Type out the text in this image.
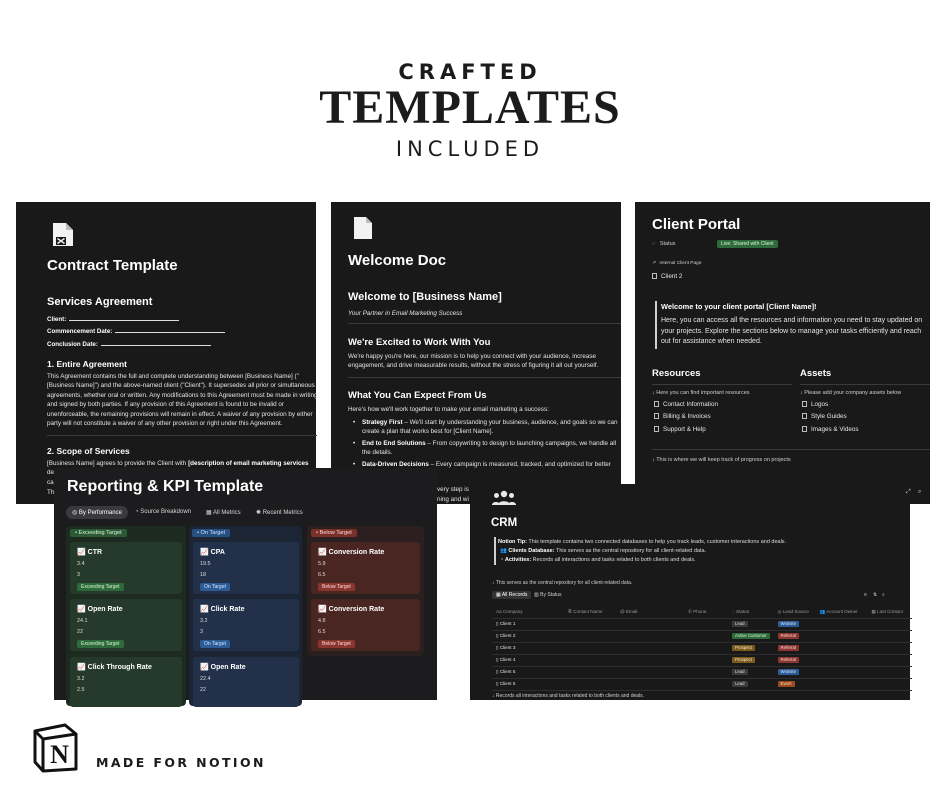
CRAFTED
TEMPLATES
INCLUDED
Contract Template
Services Agreement
Client:
Commencement Date:
Conclusion Date:
1. Entire Agreement
This Agreement contains the full and complete understanding between [Business Name] ("[Business Name]") and the above-named client ("Client"). It supersedes all prior or simultaneous agreements, whether oral or written. Any modifications to this Agreement must be made in writing and signed by both parties. If any provision of this Agreement is found to be invalid or unenforceable, the remaining provisions will remain in effect. A waiver of any provision by either party will not constitute a waiver of any other provision or right under this Agreement.
2. Scope of Services
[Business Name] agrees to provide the Client with [description of email marketing services
de
ca
Th
Welcome Doc
Welcome to [Business Name]
Your Partner in Email Marketing Success
We're Excited to Work With You
We're happy you're here, our mission is to help you connect with your audience, increase engagement, and drive measurable results, without the stress of figuring it all out yourself.
What You Can Expect From Us
Here's how we'll work together to make your email marketing a success:
• Strategy First – We'll start by understanding your business, audience, and goals so we can create a plan that works best for [Client Name].
• End to End Solutions – From copywriting to design to launching campaigns, we handle all the details.
• Data-Driven Decisions – Every campaign is measured, tracked, and optimized for better
very step is
ning and wi
Client Portal
◌ Status	Live: Shared with Client
↗ Internal Client Page
Client 2
Welcome to your client portal [Client Name]!
Here, you can access all the resources and information you need to stay updated on your projects. Explore the sections below to manage your tasks efficiently and reach out for assistance when needed.
Resources
↓ Here you can find important resources
Contact Information
Billing & Invoices
Support & Help
Assets
↓ Please add your company assets below
Logos
Style Guides
Images & Videos
↓ This is where we will keep track of progress on projects
Reporting & KPI Template
◎ By Performance	◔ Source Breakdown	▦ All Metrics	✺ Recent Metrics
• Exceeding Target	• On Target	• Below Target
📈 CTR
3.4
3
Exceeding Target
📈 Open Rate
24.1
22
Exceeding Target
📈 Click Through Rate
3.2
2.5
📈 CPA
19.5
18
On Target
📈 Click Rate
3.2
3
On Target
📈 Open Rate
22.4
22
📈 Conversion Rate
5.9
6.5
Below Target
📈 Conversion Rate
4.8
6.5
Below Target
⤢ ⌕
CRM
Notion Tip: This template contains two connected databases to help you track leads, customer interactions and deals.
👥 Clients Database: This serves as the central repository for all client-related data.
◔ Activities: Records all interactions and tasks related to both clients and deals.
↓ This serves as the central repository for all client-related data.
▦ All Records	▥ By Status	≡ ⇅ ⌕
Aa Company	≣ Contact Name	@ Email	✆ Phone	◌ Status	◎ Lead Source	👥 Account Owner	▦ Last Contact
▯ Client 1				Lead	Website		
▯ Client 2				Active Customer	Referral		
▯ Client 3				Prospect	Referral		
▯ Client 4				Prospect	Referral		
▯ Client 5				Lead	Website		
▯ Client 5				Lead	Event		
↓ Records all interactions and tasks related to both clients and deals.
N MADE FOR NOTION
